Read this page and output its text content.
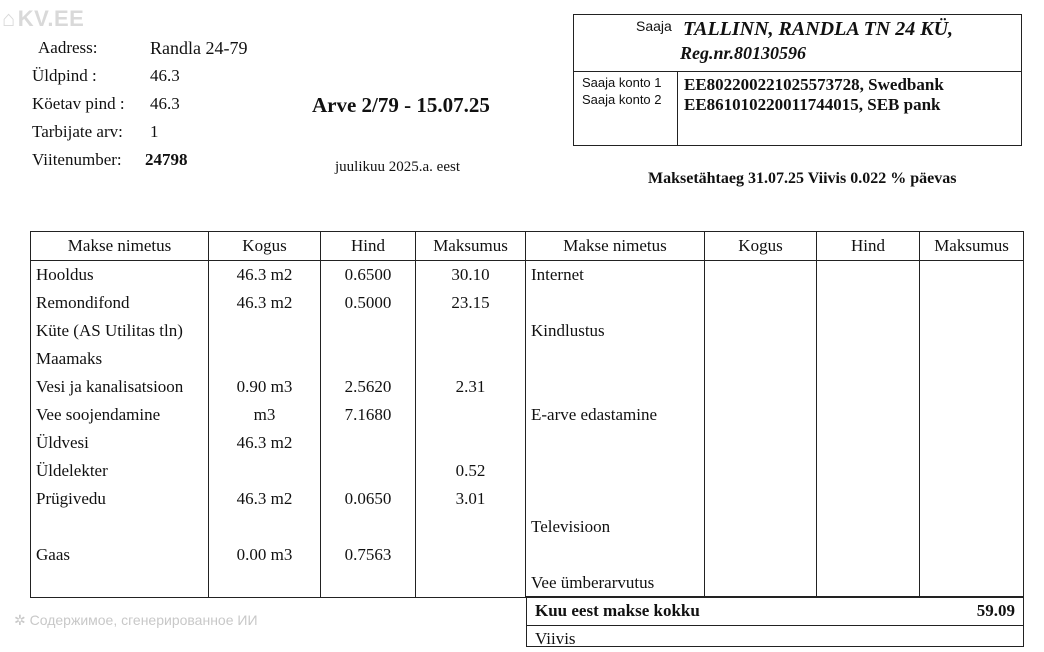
⌂KV.EE
Aadress:	Randla 24-79
Üldpind :	46.3
Köetav pind : 46.3
Tarbijate arv: 1
Viitenumber: 24798
Arve 2/79 - 15.07.25
juulikuu 2025.a. eest
Saaja TALLINN, RANDLA TN 24 KÜ,
Reg.nr.80130596
Saaja konto 1
Saaja konto 2
EE802200221025573728, Swedbank
EE861010220011744015, SEB pank
Maksetähtaeg 31.07.25 Viivis 0.022 % päevas
Makse nimetus	Kogus	Hind	Maksumus	Makse nimetus	Kogus	Hind	Maksumus
Hooldus	46.3 m2	0.6500	30.10	Internet			
Remondifond	46.3 m2	0.5000	23.15				
Küte (AS Utilitas tln)				Kindlustus			
Maamaks							
Vesi ja kanalisatsioon	0.90 m3	2.5620	2.31				
Vee soojendamine	m3	7.1680		E-arve edastamine			
Üldvesi	46.3 m2						
Üldelekter			0.52				
Prügivedu	46.3 m2	0.0650	3.01				
				Televisioon			
Gaas	0.00 m3	0.7563					
				Vee ümberarvutus			
Kuu eest makse kokku	59.09
Viivis
✲ Содержимое, сгенерированное ИИ
